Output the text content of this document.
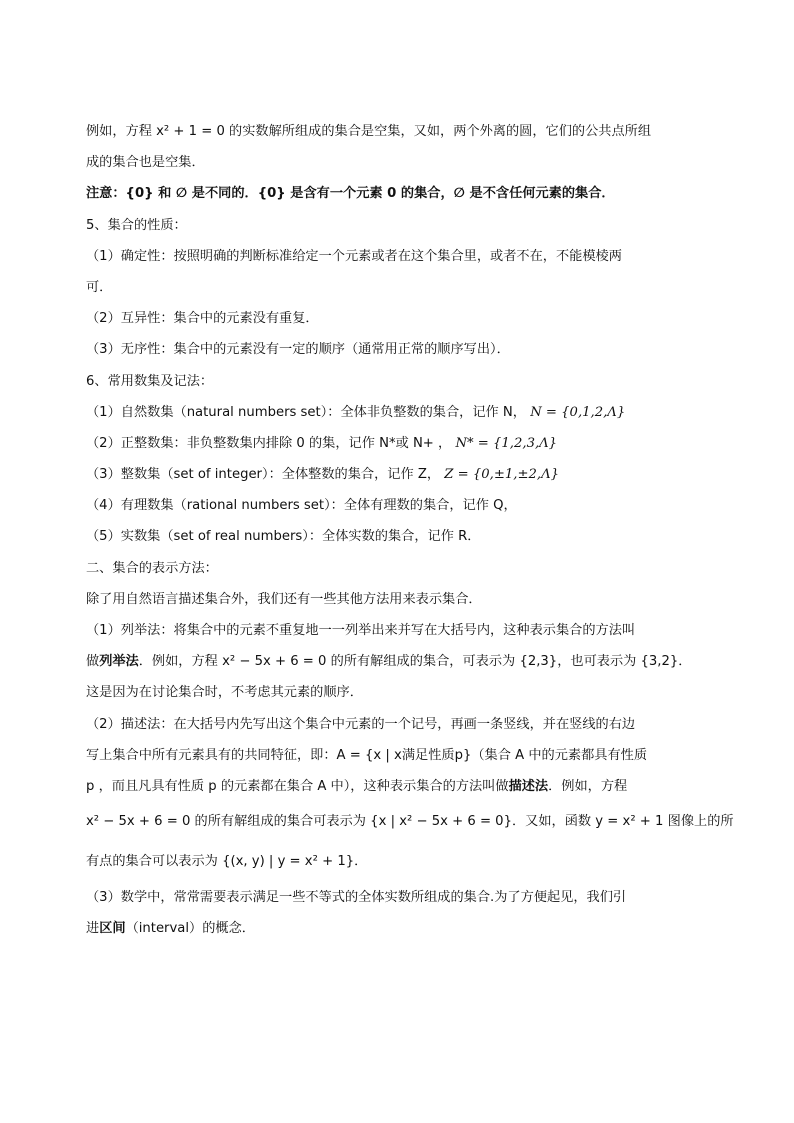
例如，方程 x² + 1 = 0 的实数解所组成的集合是空集，又如，两个外离的圆，它们的公共点所组
成的集合也是空集．
注意：{0} 和 ∅ 是不同的．{0} 是含有一个元素 0 的集合，∅ 是不含任何元素的集合．
5、集合的性质：
（1）确定性：按照明确的判断标准给定一个元素或者在这个集合里，或者不在，不能模棱两
可．
（2）互异性：集合中的元素没有重复．
（3）无序性：集合中的元素没有一定的顺序（通常用正常的顺序写出）．
6、常用数集及记法：
（1）自然数集（natural numbers set）：全体非负整数的集合，记作 N， N = {0,1,2,Λ}
（2）正整数集：非负整数集内排除 0 的集，记作 N*或 N+ ， N* = {1,2,3,Λ}
（3）整数集（set of integer）：全体整数的集合，记作 Z， Z = {0,±1,±2,Λ}
（4）有理数集（rational numbers set）：全体有理数的集合，记作 Q，
（5）实数集（set of real numbers）：全体实数的集合，记作 R．
二、集合的表示方法：
除了用自然语言描述集合外，我们还有一些其他方法用来表示集合．
（1）列举法：将集合中的元素不重复地一一列举出来并写在大括号内，这种表示集合的方法叫
做列举法．例如，方程 x² − 5x + 6 = 0 的所有解组成的集合，可表示为 {2,3}，也可表示为 {3,2}．
这是因为在讨论集合时，不考虑其元素的顺序．
（2）描述法：在大括号内先写出这个集合中元素的一个记号，再画一条竖线，并在竖线的右边
写上集合中所有元素具有的共同特征，即：A = {x | x满足性质p}（集合 A 中的元素都具有性质
p ，而且凡具有性质 p 的元素都在集合 A 中），这种表示集合的方法叫做描述法．例如，方程
x² − 5x + 6 = 0 的所有解组成的集合可表示为 {x | x² − 5x + 6 = 0}．又如，函数 y = x² + 1 图像上的所
有点的集合可以表示为 {(x, y) | y = x² + 1}．
（3）数学中，常常需要表示满足一些不等式的全体实数所组成的集合.为了方便起见，我们引
进区间（interval）的概念．
